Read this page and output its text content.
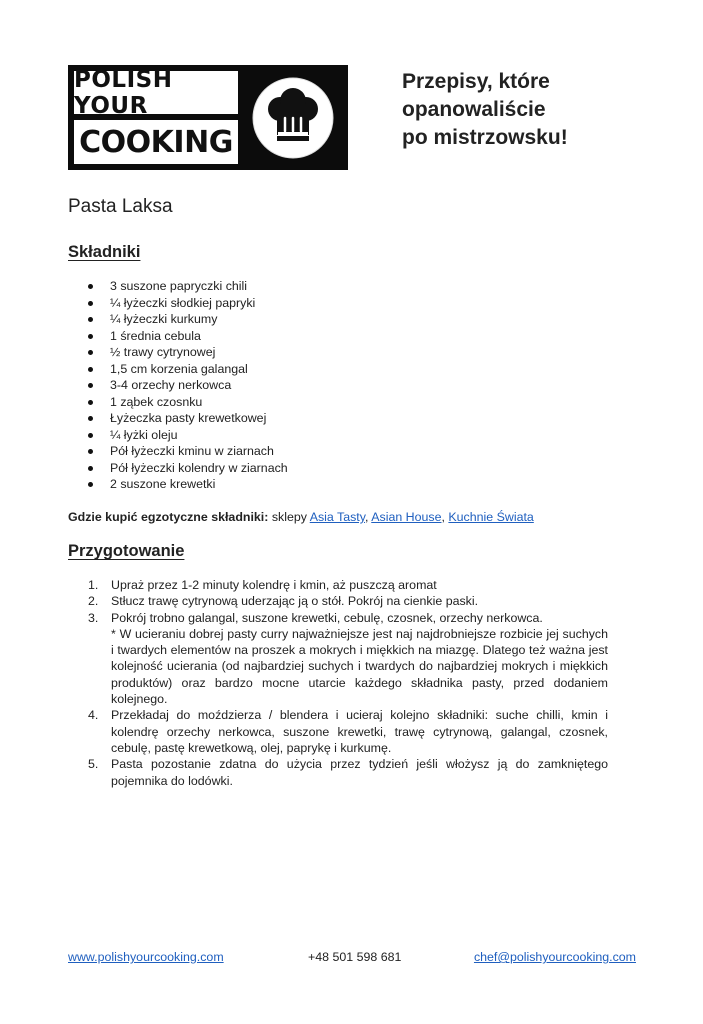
POLISH YOUR
COOKING
Przepisy, które
opanowaliście
po mistrzowsku!
Pasta Laksa
Składniki
3 suszone papryczki chili
¼ łyżeczki słodkiej papryki
¼ łyżeczki kurkumy
1 średnia cebula
½ trawy cytrynowej
1,5 cm korzenia galangal
3-4 orzechy nerkowca
1 ząbek czosnku
Łyżeczka pasty krewetkowej
¼ łyżki oleju
Pół łyżeczki kminu w ziarnach
Pół łyżeczki kolendry w ziarnach
2 suszone krewetki
Gdzie kupić egzotyczne składniki: sklepy Asia Tasty, Asian House, Kuchnie Świata
Przygotowanie
1. Upraż przez 1-2 minuty kolendrę i kmin, aż puszczą aromat
2. Stłucz trawę cytrynową uderzając ją o stół. Pokrój na cienkie paski.
3. Pokrój trobno galangal, suszone krewetki, cebulę, czosnek, orzechy nerkowca.
* W ucieraniu dobrej pasty curry najważniejsze jest naj najdrobniejsze rozbicie jej suchych i twardych elementów na proszek a mokrych i miękkich na miazgę. Dlatego też ważna jest kolejność ucierania (od najbardziej suchych i twardych do najbardziej mokrych i miękkich produktów) oraz bardzo mocne utarcie każdego składnika pasty, przed dodaniem kolejnego.
4. Przekładaj do moździerza / blendera i ucieraj kolejno składniki: suche chilli, kmin i kolendrę orzechy nerkowca, suszone krewetki, trawę cytrynową, galangal, czosnek, cebulę, pastę krewetkową, olej, paprykę i kurkumę.
5. Pasta pozostanie zdatna do użycia przez tydzień jeśli włożysz ją do zamkniętego pojemnika do lodówki.
www.polishyourcooking.com	+48 501 598 681	chef@polishyourcooking.com
